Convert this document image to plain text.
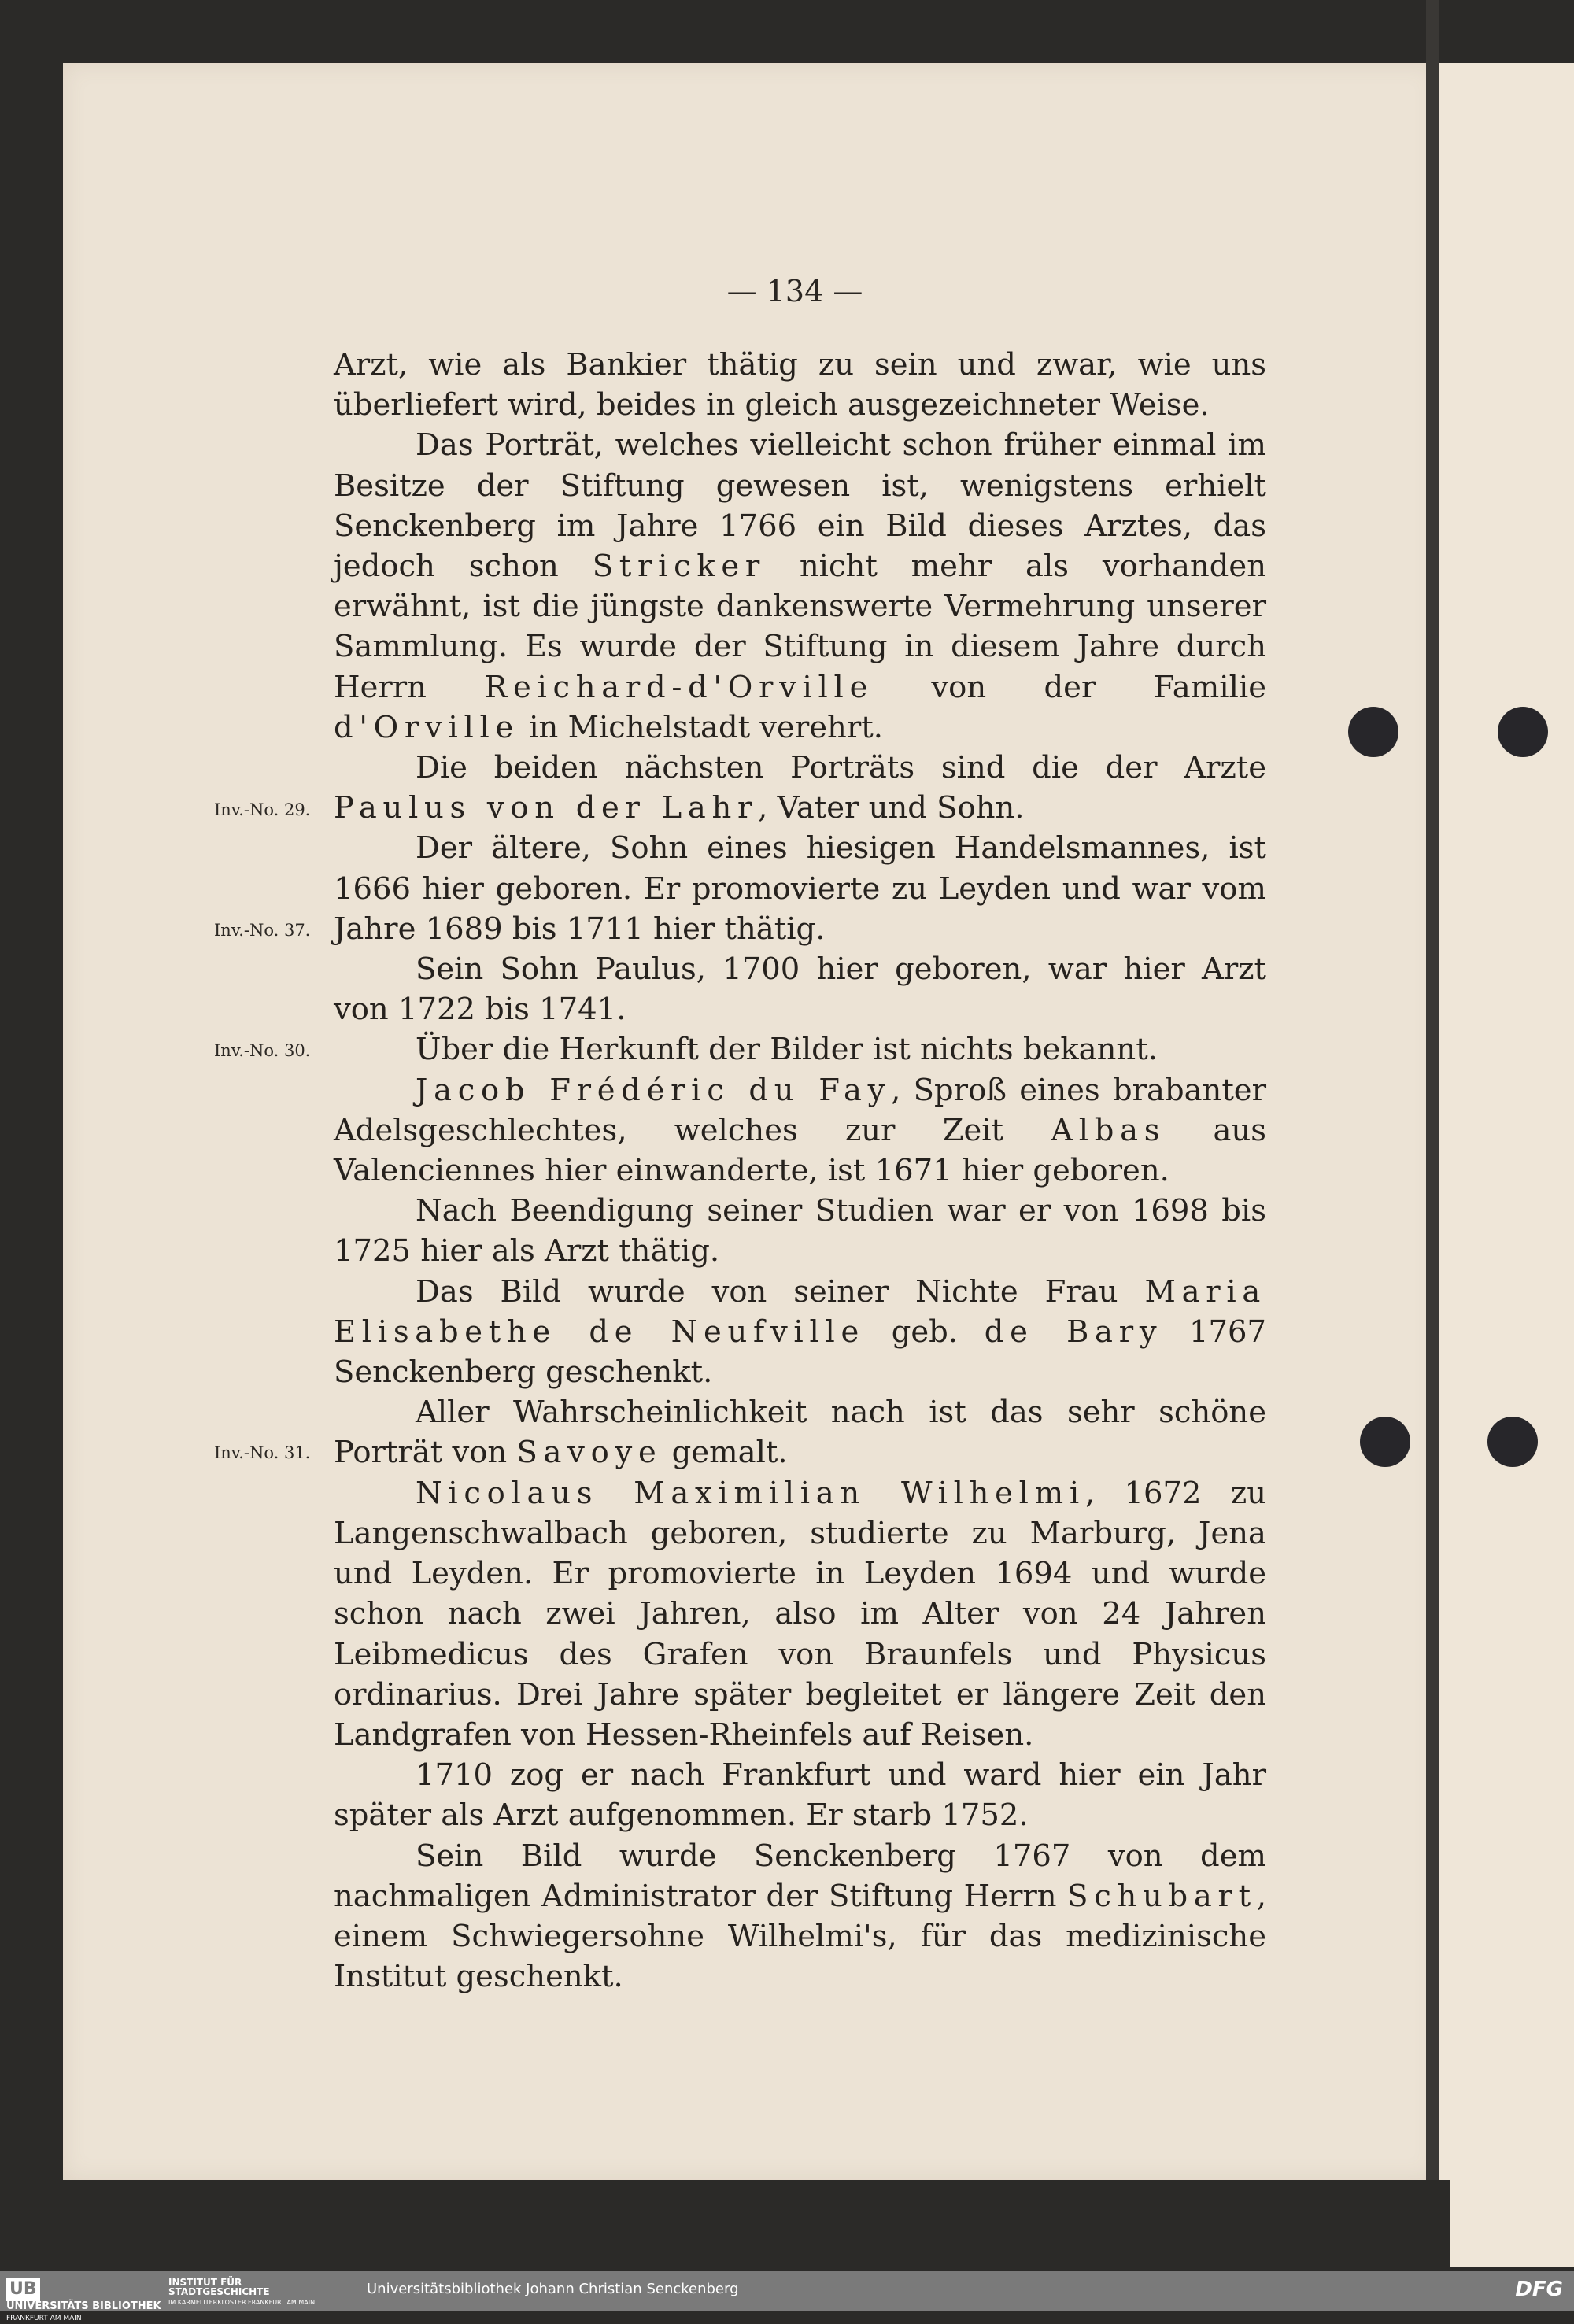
— 134 —
Inv.-No. 29.
Inv.-No. 37.
Inv.-No. 30.
Inv.-No. 31.

Arzt, wie als Bankier thätig zu sein und zwar, wie uns überliefert wird, beides in gleich ausgezeichneter Weise.

Das Porträt, welches vielleicht schon früher einmal im Besitze der Stiftung gewesen ist, wenigstens erhielt Senckenberg im Jahre 1766 ein Bild dieses Arztes, das jedoch schon Stricker nicht mehr als vorhanden erwähnt, ist die jüngste dankenswerte Vermehrung unserer Sammlung. Es wurde der Stiftung in diesem Jahre durch Herrn Reichard-d'Orville von der Familie d'Orville in Michelstadt verehrt.

Die beiden nächsten Porträts sind die der Arzte Paulus von der Lahr, Vater und Sohn.

Der ältere, Sohn eines hiesigen Handelsmannes, ist 1666 hier geboren. Er promovierte zu Leyden und war vom Jahre 1689 bis 1711 hier thätig.

Sein Sohn Paulus, 1700 hier geboren, war hier Arzt von 1722 bis 1741.

Über die Herkunft der Bilder ist nichts bekannt.

Jacob Frédéric du Fay, Sproß eines brabanter Adelsgeschlechtes, welches zur Zeit Albas aus Valenciennes hier einwanderte, ist 1671 hier geboren.

Nach Beendigung seiner Studien war er von 1698 bis 1725 hier als Arzt thätig.

Das Bild wurde von seiner Nichte Frau Maria Elisabethe de Neufville geb. de Bary 1767 Senckenberg geschenkt.

Aller Wahrscheinlichkeit nach ist das sehr schöne Porträt von Savoye gemalt.

Nicolaus Maximilian Wilhelmi, 1672 zu Langenschwalbach geboren, studierte zu Marburg, Jena und Leyden. Er promovierte in Leyden 1694 und wurde schon nach zwei Jahren, also im Alter von 24 Jahren Leibmedicus des Grafen von Braunfels und Physicus ordinarius. Drei Jahre später begleitet er längere Zeit den Landgrafen von Hessen-Rheinfels auf Reisen.

1710 zog er nach Frankfurt und ward hier ein Jahr später als Arzt aufgenommen. Er starb 1752.

Sein Bild wurde Senckenberg 1767 von dem nachmaligen Administrator der Stiftung Herrn Schubart, einem Schwiegersohne Wilhelmi's, für das medizinische Institut geschenkt.

UBUNIVERSITÄTS BIBLIOTHEK
FRANKFURT AM MAIN
INSTITUT FÜR STADTGESCHICHTE
IM KARMELITERKLOSTER FRANKFURT AM MAIN
Universitätsbibliothek Johann Christian Senckenberg	DFG
